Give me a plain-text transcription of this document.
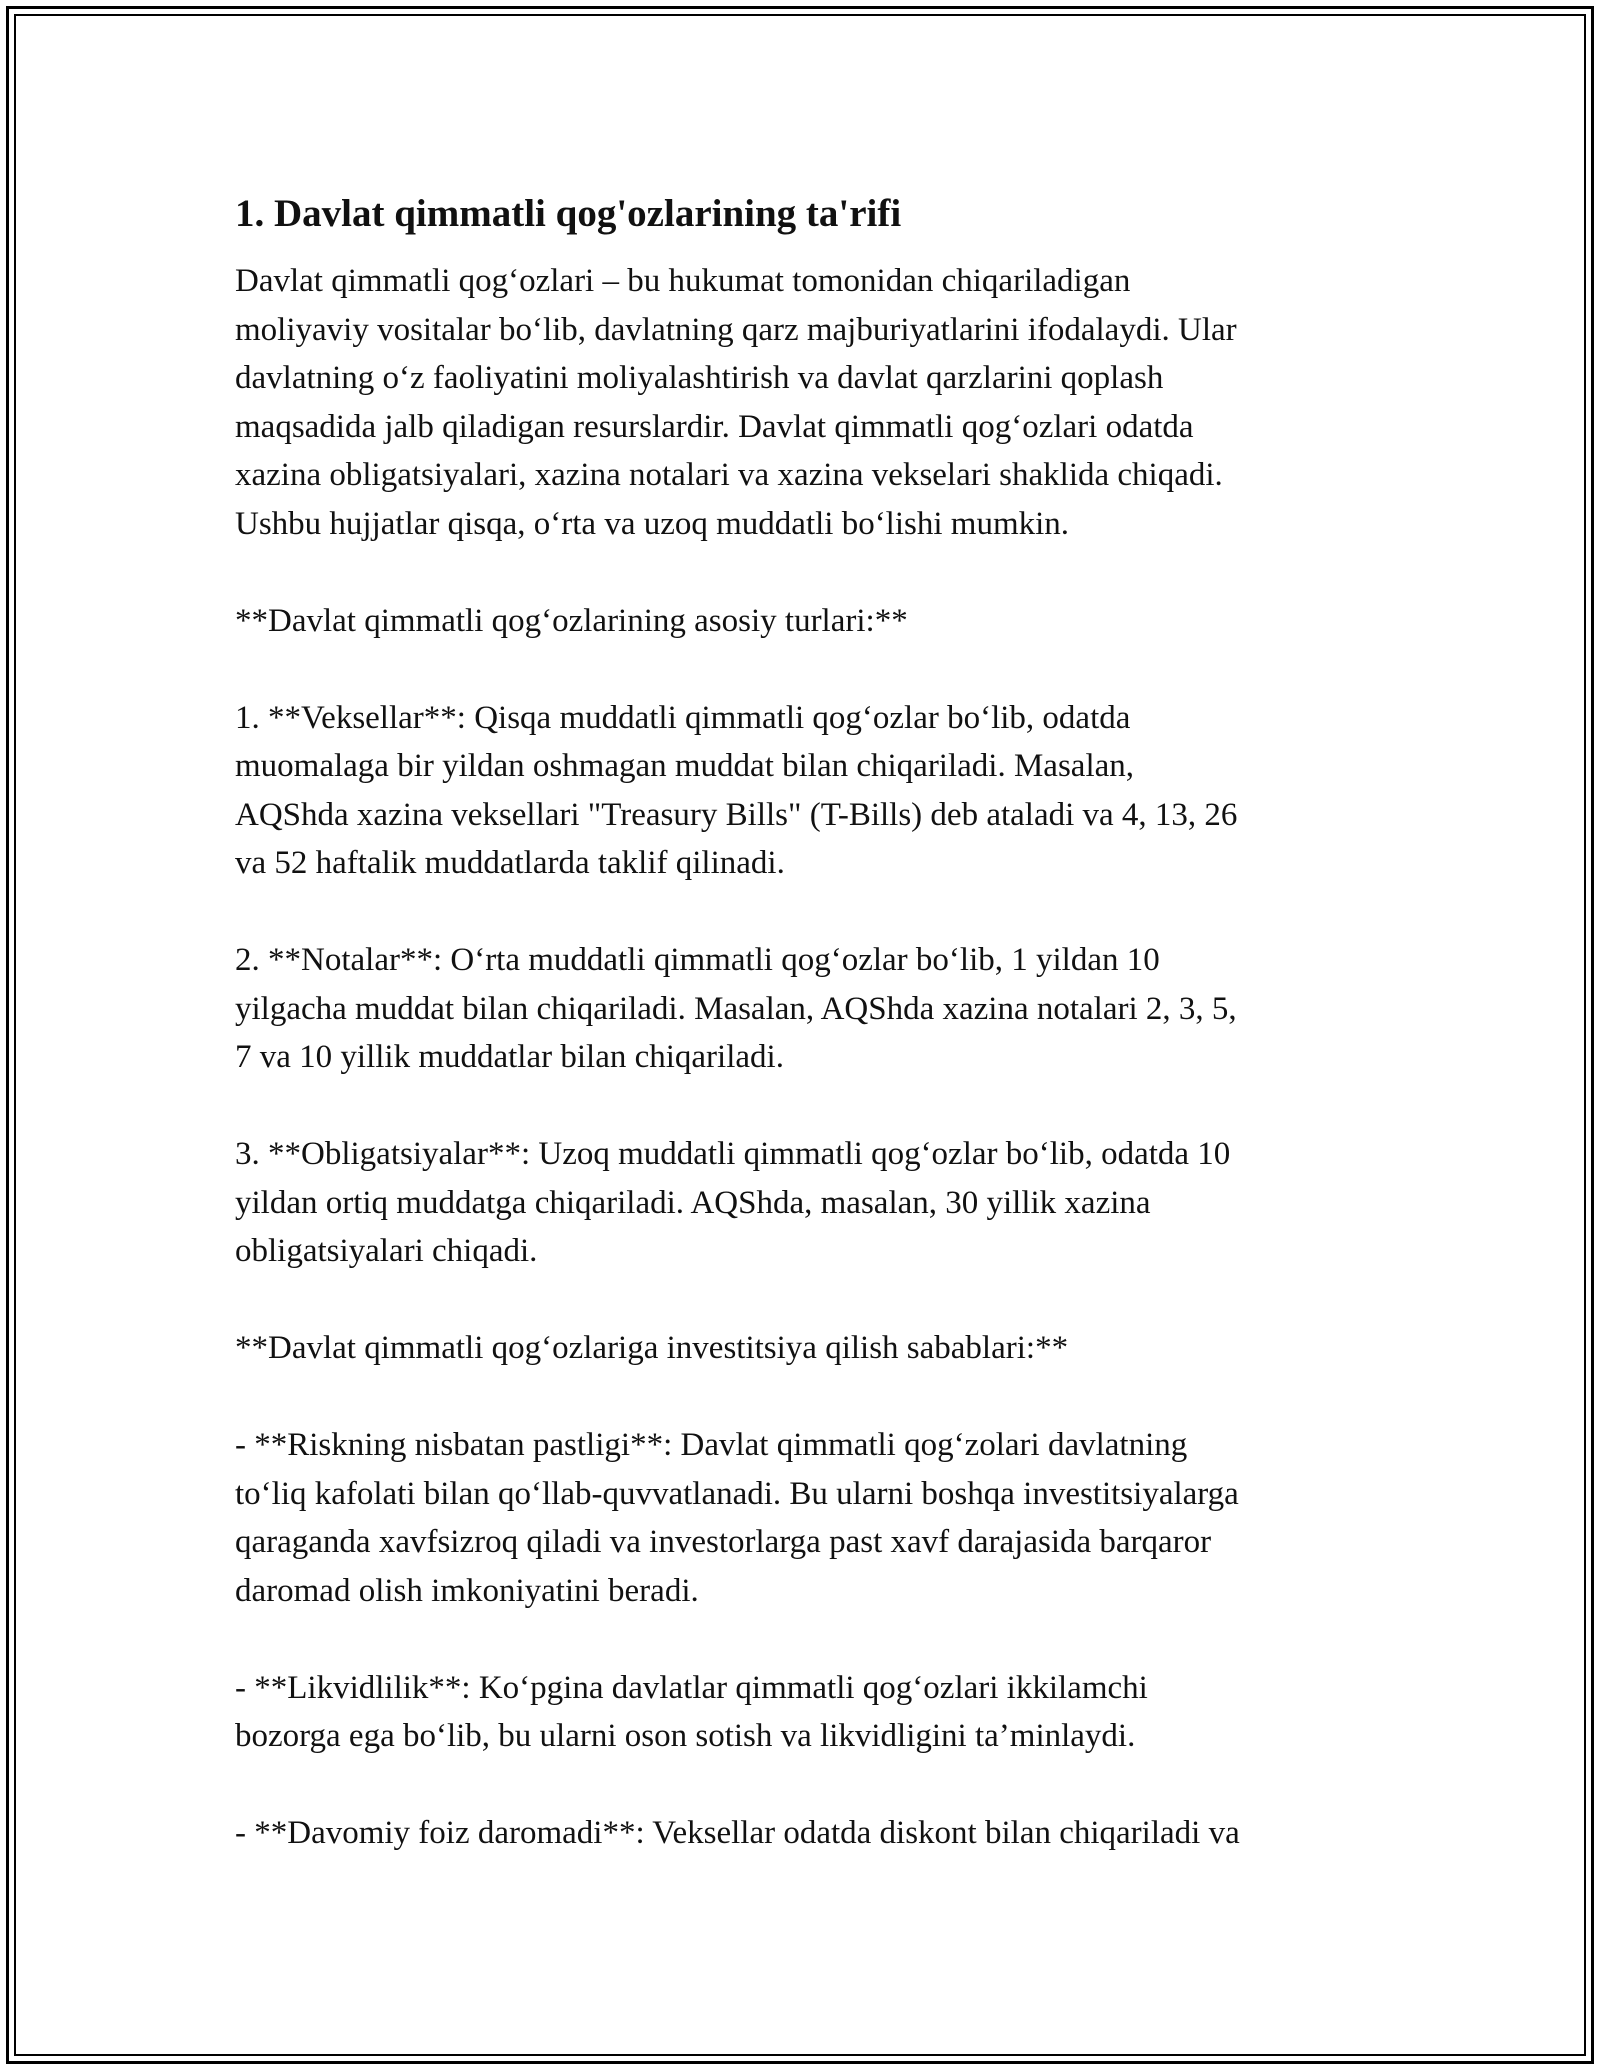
1. Davlat qimmatli qog'ozlarining ta'rifi

Davlat qimmatli qog‘ozlari – bu hukumat tomonidan chiqariladigan
moliyaviy vositalar bo‘lib, davlatning qarz majburiyatlarini ifodalaydi. Ular
davlatning o‘z faoliyatini moliyalashtirish va davlat qarzlarini qoplash
maqsadida jalb qiladigan resurslardir. Davlat qimmatli qog‘ozlari odatda
xazina obligatsiyalari, xazina notalari va xazina vekselari shaklida chiqadi.
Ushbu hujjatlar qisqa, o‘rta va uzoq muddatli bo‘lishi mumkin.

**Davlat qimmatli qog‘ozlarining asosiy turlari:**

1. **Veksellar**: Qisqa muddatli qimmatli qog‘ozlar bo‘lib, odatda
muomalaga bir yildan oshmagan muddat bilan chiqariladi. Masalan,
AQShda xazina veksellari "Treasury Bills" (T-Bills) deb ataladi va 4, 13, 26
va 52 haftalik muddatlarda taklif qilinadi.

2. **Notalar**: O‘rta muddatli qimmatli qog‘ozlar bo‘lib, 1 yildan 10
yilgacha muddat bilan chiqariladi. Masalan, AQShda xazina notalari 2, 3, 5,
7 va 10 yillik muddatlar bilan chiqariladi.

3. **Obligatsiyalar**: Uzoq muddatli qimmatli qog‘ozlar bo‘lib, odatda 10
yildan ortiq muddatga chiqariladi. AQShda, masalan, 30 yillik xazina
obligatsiyalari chiqadi.

**Davlat qimmatli qog‘ozlariga investitsiya qilish sabablari:**

- **Riskning nisbatan pastligi**: Davlat qimmatli qog‘zolari davlatning
to‘liq kafolati bilan qo‘llab-quvvatlanadi. Bu ularni boshqa investitsiyalarga
qaraganda xavfsizroq qiladi va investorlarga past xavf darajasida barqaror
daromad olish imkoniyatini beradi.

- **Likvidlilik**: Ko‘pgina davlatlar qimmatli qog‘ozlari ikkilamchi
bozorga ega bo‘lib, bu ularni oson sotish va likvidligini ta’minlaydi.

- **Davomiy foiz daromadi**: Veksellar odatda diskont bilan chiqariladi va
